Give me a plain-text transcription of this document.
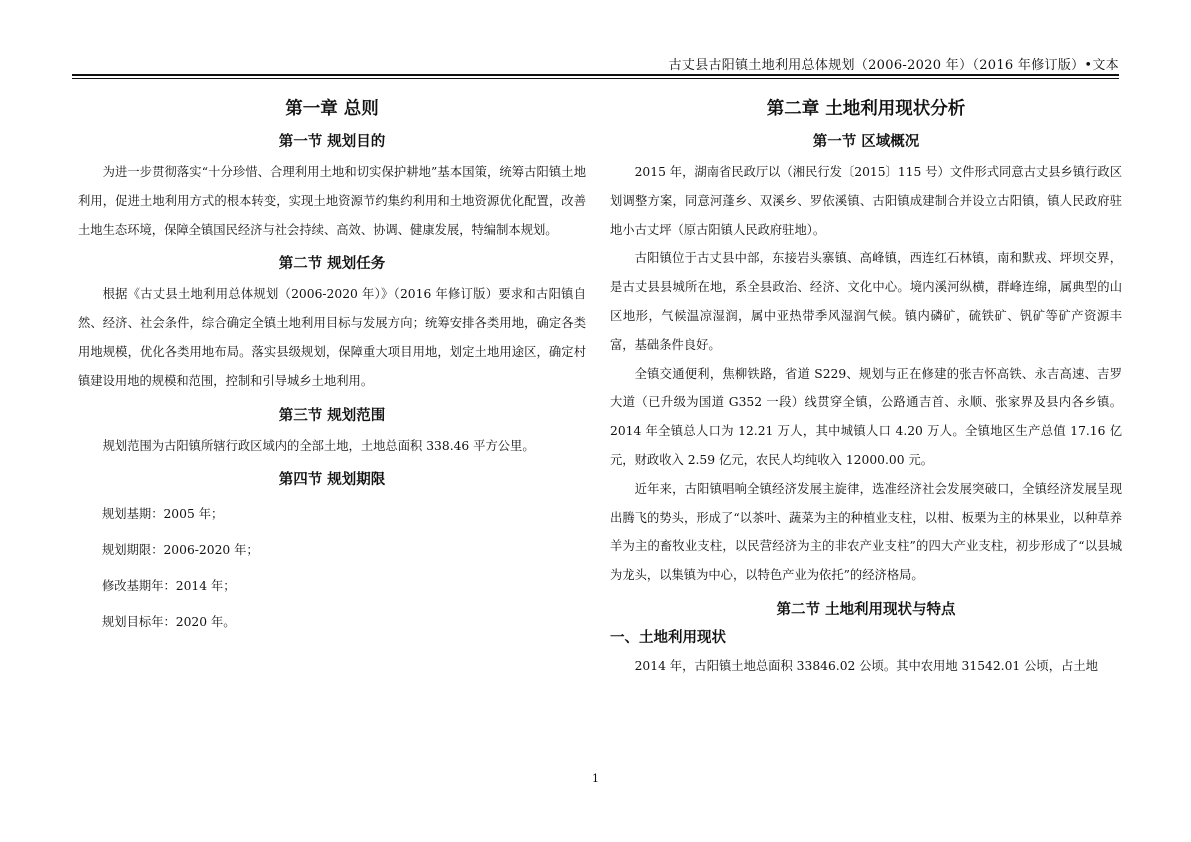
古丈县古阳镇土地利用总体规划（2006-2020 年）（2016 年修订版）•文本
第一章 总则
第一节 规划目的

为进一步贯彻落实“十分珍惜、合理利用土地和切实保护耕地”基本国策，统筹古阳镇土地利用，促进土地利用方式的根本转变，实现土地资源节约集约利用和土地资源优化配置，改善土地生态环境，保障全镇国民经济与社会持续、高效、协调、健康发展，特编制本规划。

第二节 规划任务

根据《古丈县土地利用总体规划（2006-2020 年）》（2016 年修订版）要求和古阳镇自然、经济、社会条件，综合确定全镇土地利用目标与发展方向；统筹安排各类用地，确定各类用地规模，优化各类用地布局。落实县级规划，保障重大项目用地，划定土地用途区，确定村镇建设用地的规模和范围，控制和引导城乡土地利用。

第三节 规划范围

规划范围为古阳镇所辖行政区域内的全部土地，土地总面积 338.46 平方公里。

第四节 规划期限

规划基期：2005 年；

规划期限：2006-2020 年；

修改基期年：2014 年；

规划目标年：2020 年。

第二章 土地利用现状分析
第一节 区域概况

2015 年，湖南省民政厅以（湘民行发〔2015〕115 号）文件形式同意古丈县乡镇行政区划调整方案，同意河蓬乡、双溪乡、罗依溪镇、古阳镇成建制合并设立古阳镇，镇人民政府驻地小古丈坪（原古阳镇人民政府驻地）。

古阳镇位于古丈县中部，东接岩头寨镇、高峰镇，西连红石林镇，南和默戎、坪坝交界，是古丈县县城所在地，系全县政治、经济、文化中心。境内溪河纵横，群峰连绵，属典型的山区地形，气候温凉湿润，属中亚热带季风湿润气候。镇内磷矿，硫铁矿、钒矿等矿产资源丰富，基础条件良好。

全镇交通便利，焦柳铁路，省道 S229、规划与正在修建的张吉怀高铁、永吉高速、吉罗大道（已升级为国道 G352 一段）线贯穿全镇，公路通吉首、永顺、张家界及县内各乡镇。2014 年全镇总人口为 12.21 万人，其中城镇人口 4.20 万人。全镇地区生产总值 17.16 亿元，财政收入 2.59 亿元，农民人均纯收入 12000.00 元。

近年来，古阳镇唱响全镇经济发展主旋律，选准经济社会发展突破口，全镇经济发展呈现出腾飞的势头，形成了“以茶叶、蔬菜为主的种植业支柱，以柑、板栗为主的林果业，以种草养羊为主的畜牧业支柱，以民营经济为主的非农产业支柱”的四大产业支柱，初步形成了“以县城为龙头，以集镇为中心，以特色产业为依托”的经济格局。

第二节 土地利用现状与特点
一、土地利用现状

2014 年，古阳镇土地总面积 33846.02 公顷。其中农用地 31542.01 公顷，占土地

1
